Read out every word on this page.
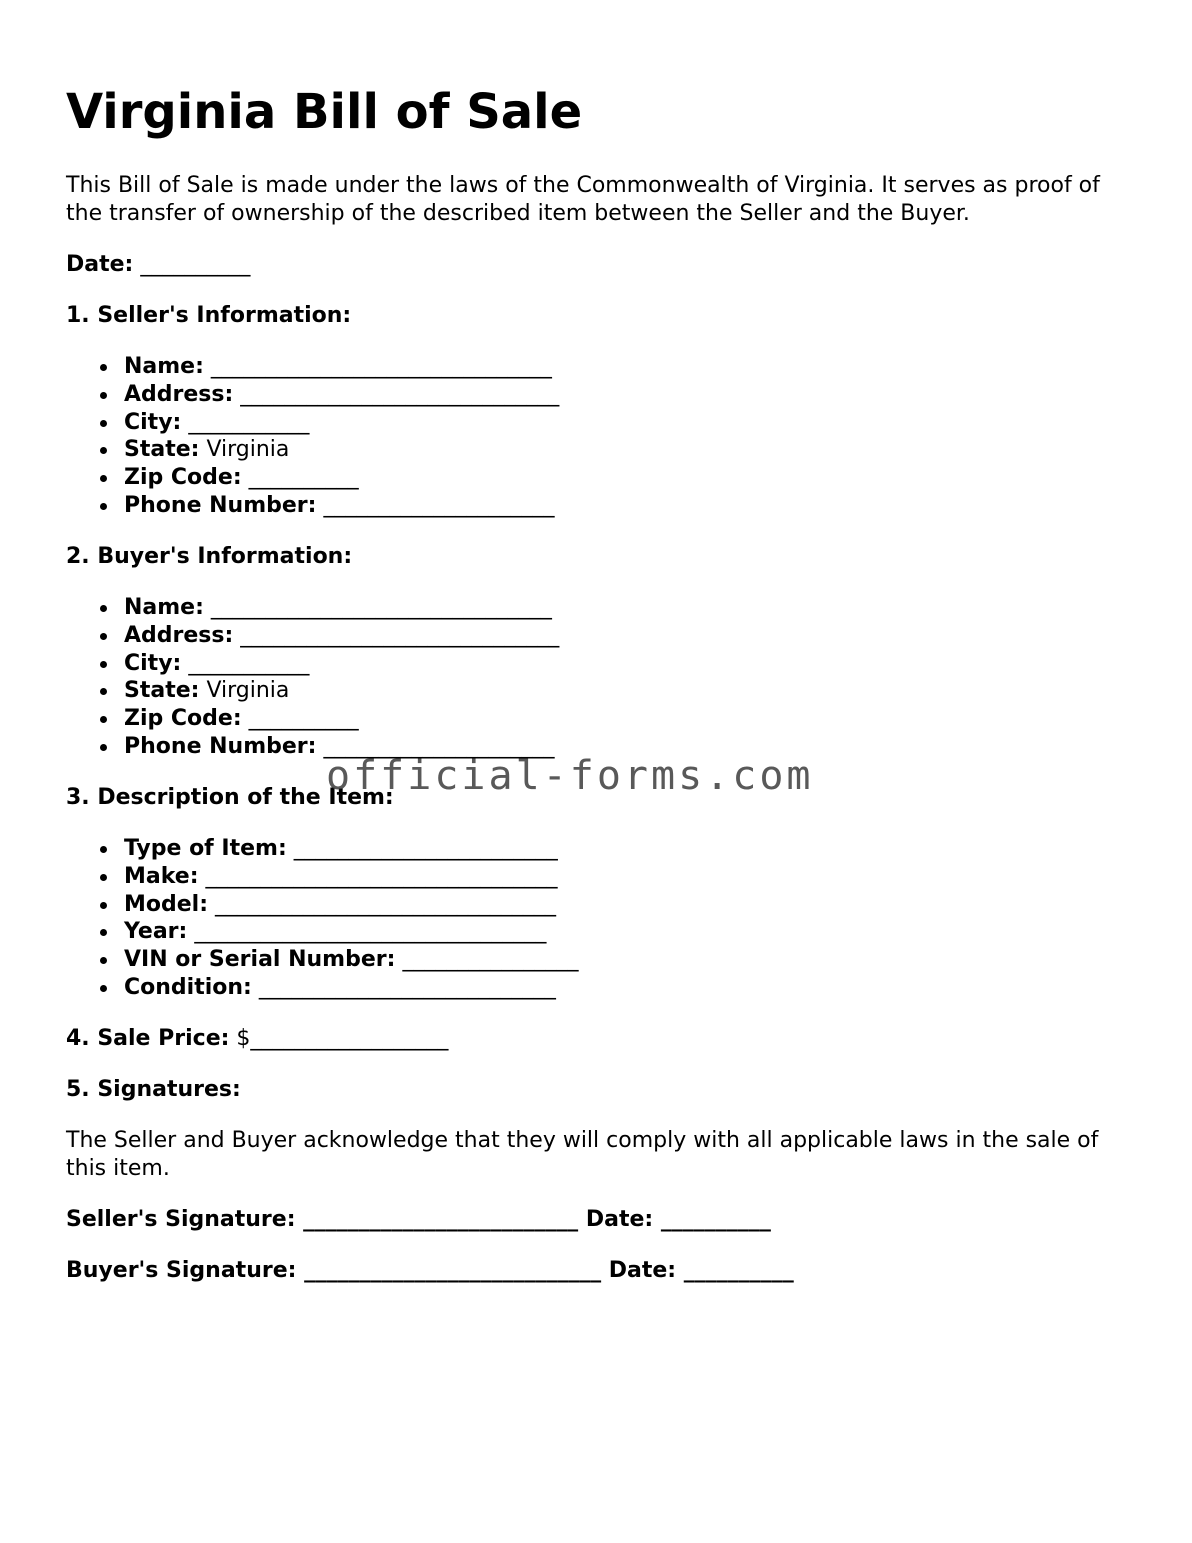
Virginia Bill of Sale

This Bill of Sale is made under the laws of the Commonwealth of Virginia. It serves as proof of the transfer of ownership of the described item between the Seller and the Buyer.

Date: __________

1. Seller's Information:

Name: _______________________________
Address: _____________________________
City: ___________
State: Virginia
Zip Code: __________
Phone Number: _____________________

2. Buyer's Information:

Name: _______________________________
Address: _____________________________
City: ___________
State: Virginia
Zip Code: __________
Phone Number: _____________________

3. Description of the Item:

Type of Item: ________________________
Make: ________________________________
Model: _______________________________
Year: ________________________________
VIN or Serial Number: ________________
Condition: ___________________________

4. Sale Price: $__________________

5. Signatures:

The Seller and Buyer acknowledge that they will comply with all applicable laws in the sale of this item.

Seller's Signature: _________________________ Date: __________

Buyer's Signature: ___________________________ Date: __________

official-forms.com
